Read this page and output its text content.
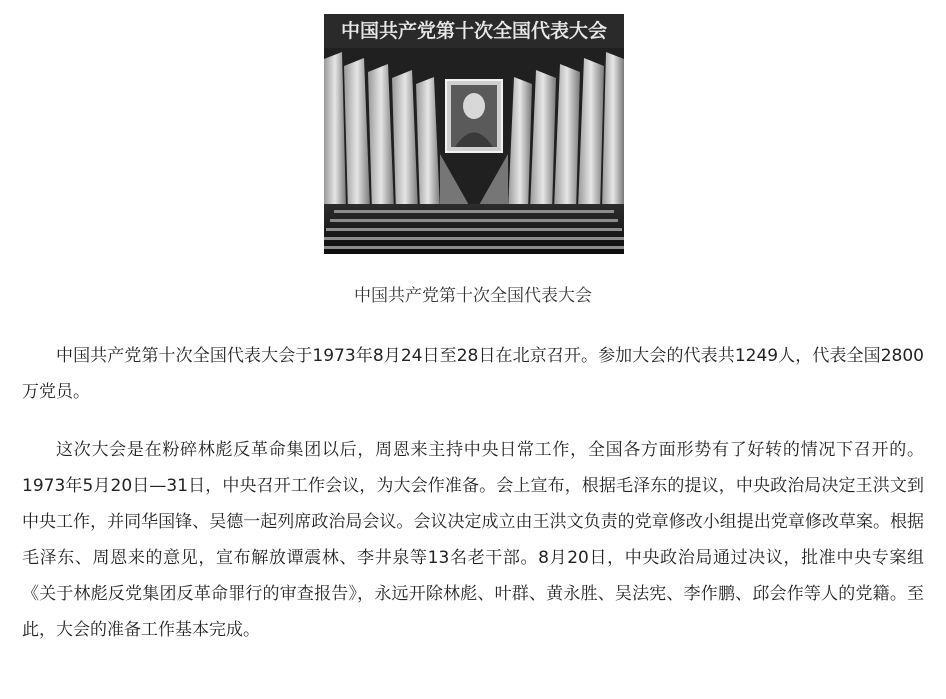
中国共产党第十次全国代表大会
中国共产党第十次全国代表大会

中国共产党第十次全国代表大会于1973年8月24日至28日在北京召开。参加大会的代表共1249人，代表全国2800万党员。

这次大会是在粉碎林彪反革命集团以后，周恩来主持中央日常工作，全国各方面形势有了好转的情况下召开的。1973年5月20日—31日，中央召开工作会议，为大会作准备。会上宣布，根据毛泽东的提议，中央政治局决定王洪文到中央工作，并同华国锋、吴德一起列席政治局会议。会议决定成立由王洪文负责的党章修改小组提出党章修改草案。根据毛泽东、周恩来的意见，宣布解放谭震林、李井泉等13名老干部。8月20日，中央政治局通过决议，批准中央专案组《关于林彪反党集团反革命罪行的审查报告》，永远开除林彪、叶群、黄永胜、吴法宪、李作鹏、邱会作等人的党籍。至此，大会的准备工作基本完成。
